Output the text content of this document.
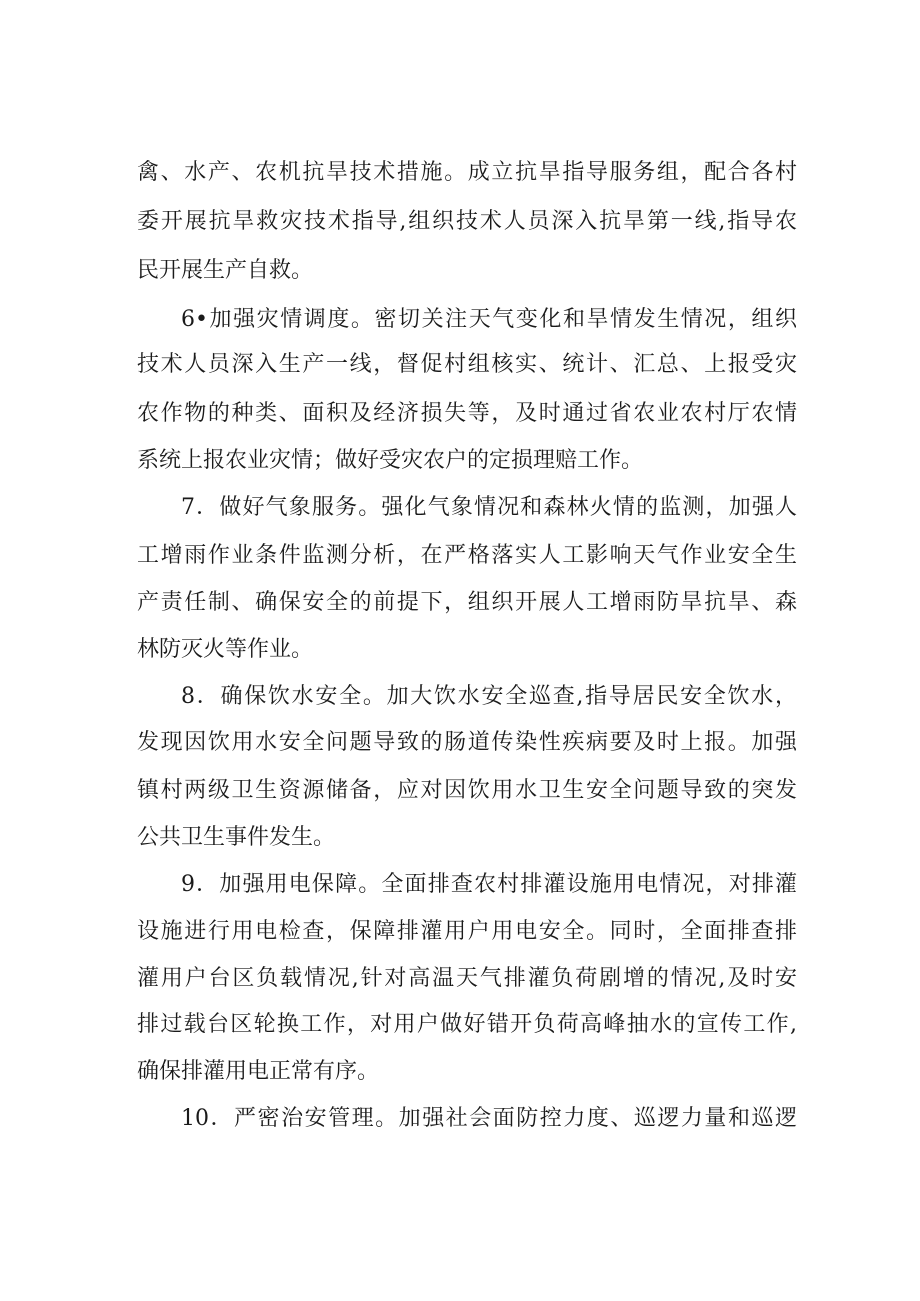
禽、水产、农机抗旱技术措施。成立抗旱指导服务组，配合各村
委开展抗旱救灾技术指导,组织技术人员深入抗旱第一线,指导农
民开展生产自救。
6•加强灾情调度。密切关注天气变化和旱情发生情况，组织
技术人员深入生产一线，督促村组核实、统计、汇总、上报受灾
农作物的种类、面积及经济损失等，及时通过省农业农村厅农情
系统上报农业灾情；做好受灾农户的定损理赔工作。
7．做好气象服务。强化气象情况和森林火情的监测，加强人
工增雨作业条件监测分析，在严格落实人工影响天气作业安全生
产责任制、确保安全的前提下，组织开展人工增雨防旱抗旱、森
林防灭火等作业。
8．确保饮水安全。加大饮水安全巡查,指导居民安全饮水，
发现因饮用水安全问题导致的肠道传染性疾病要及时上报。加强
镇村两级卫生资源储备，应对因饮用水卫生安全问题导致的突发
公共卫生事件发生。
9．加强用电保障。全面排查农村排灌设施用电情况，对排灌
设施进行用电检查，保障排灌用户用电安全。同时，全面排查排
灌用户台区负载情况,针对高温天气排灌负荷剧增的情况,及时安
排过载台区轮换工作，对用户做好错开负荷高峰抽水的宣传工作,
确保排灌用电正常有序。
10．严密治安管理。加强社会面防控力度、巡逻力量和巡逻
